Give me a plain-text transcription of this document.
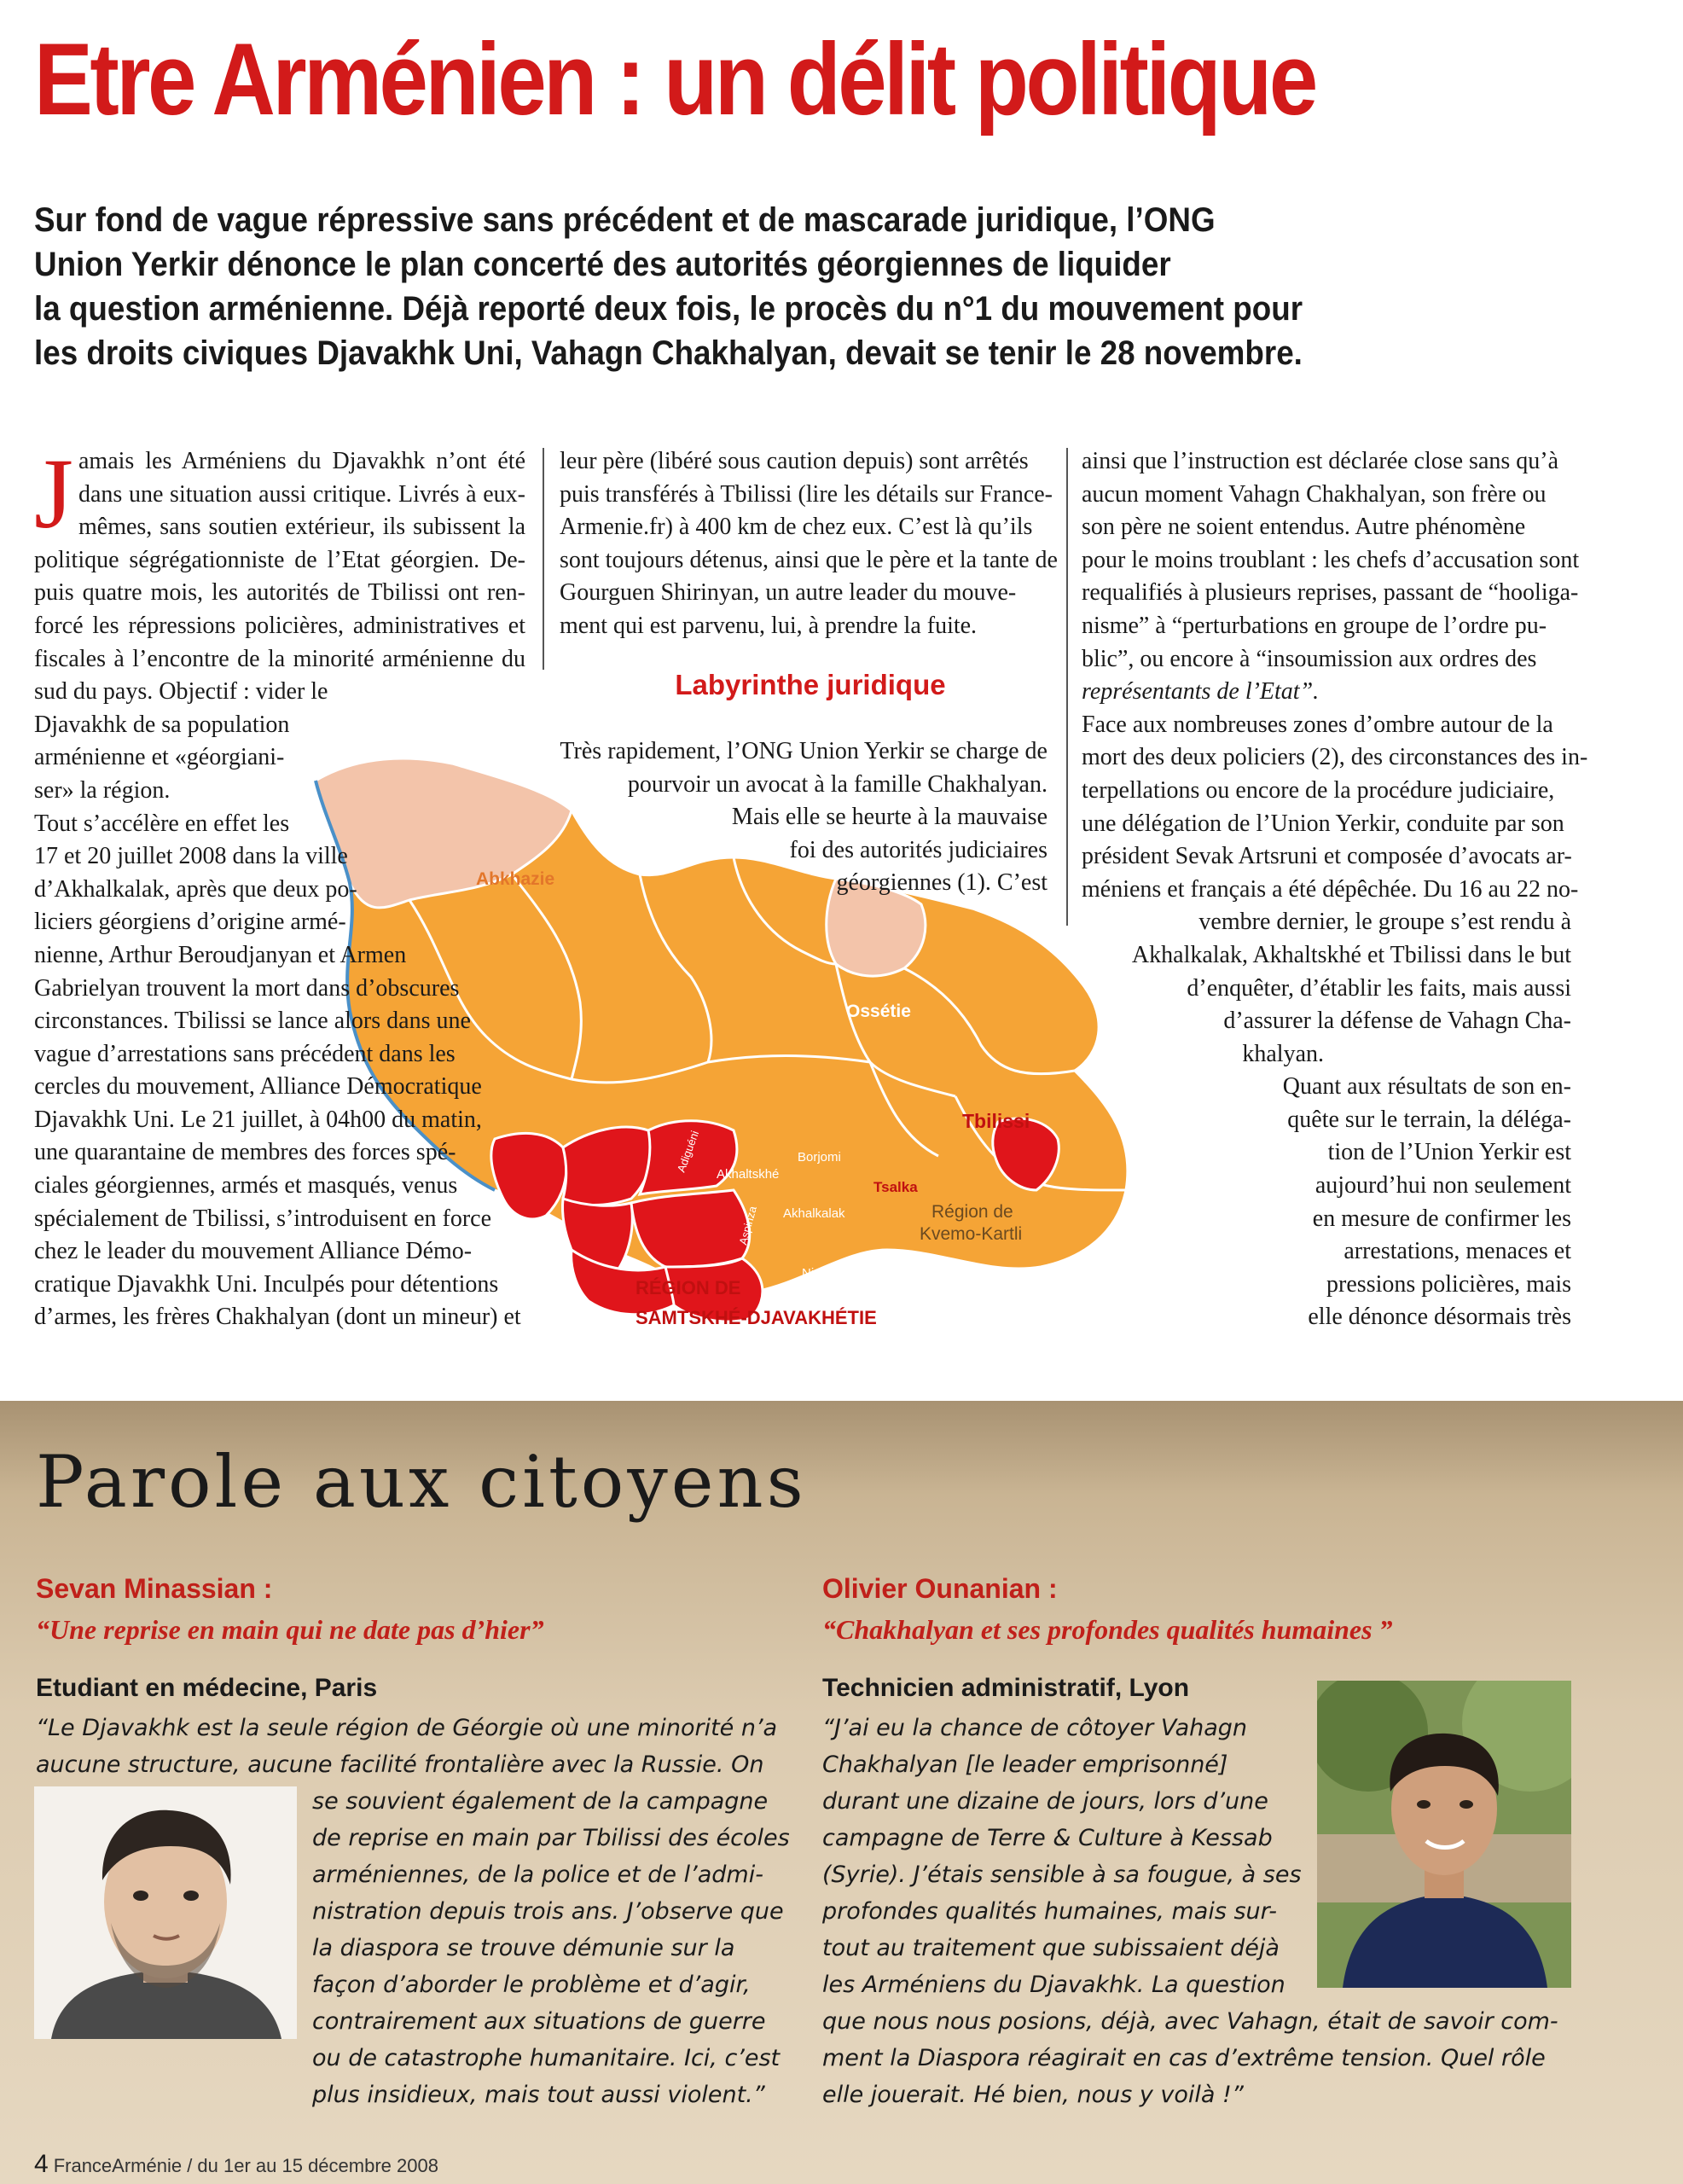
Etre Arménien : un délit politique
Sur fond de vague répressive sans précédent et de mascarade juridique, l’ONG
Union Yerkir dénonce le plan concerté des autorités géorgiennes de liquider
la question arménienne. Déjà reporté deux fois, le procès du n°1 du mouvement pour
les droits civiques Djavakhk Uni, Vahagn Chakhalyan, devait se tenir le 28 novembre.
Abkhazie
Ossétie
Tbilissi
Tsalka
Région de
Kvemo-Kartli
Borjomi
Akhaltskhé
Akhalkalak
Ninosminda
Adiguéni
Aspinza
RÉGION DE
SAMTSKHÉ-DJAVAKHÉTIE
J amais les Arméniens du Djavakhk n’ont été
dans une situation aussi critique. Livrés à eux-
mêmes, sans soutien extérieur, ils subissent la
politique ségrégationniste de l’Etat géorgien. De-
puis quatre mois, les autorités de Tbilissi ont ren-
forcé les répressions policières, administratives et
fiscales à l’encontre de la minorité arménienne du
sud du pays. Objectif : vider le
Djavakhk de sa population
arménienne et «géorgiani-
ser» la région.
Tout s’accélère en effet les
17 et 20 juillet 2008 dans la ville
d’Akhalkalak, après que deux po-
liciers géorgiens d’origine armé-
nienne, Arthur Beroudjanyan et Armen
Gabrielyan trouvent la mort dans d’obscures
circonstances. Tbilissi se lance alors dans une
vague d’arrestations sans précédent dans les
cercles du mouvement, Alliance Démocratique
Djavakhk Uni. Le 21 juillet, à 04h00 du matin,
une quarantaine de membres des forces spé-
ciales géorgiennes, armés et masqués, venus
spécialement de Tbilissi, s’introduisent en force
chez le leader du mouvement Alliance Démo-
cratique Djavakhk Uni. Inculpés pour détentions
d’armes, les frères Chakhalyan (dont un mineur) et
leur père (libéré sous caution depuis) sont arrêtés
puis transférés à Tbilissi (lire les détails sur France-
Armenie.fr) à 400 km de chez eux. C’est là qu’ils
sont toujours détenus, ainsi que le père et la tante de
Gourguen Shirinyan, un autre leader du mouve-
ment qui est parvenu, lui, à prendre la fuite.
Labyrinthe juridique
Très rapidement, l’ONG Union Yerkir se charge de
pourvoir un avocat à la famille Chakhalyan.
Mais elle se heurte à la mauvaise
foi des autorités judiciaires
géorgiennes (1). C’est
ainsi que l’instruction est déclarée close sans qu’à
aucun moment Vahagn Chakhalyan, son frère ou
son père ne soient entendus. Autre phénomène
pour le moins troublant : les chefs d’accusation sont
requalifiés à plusieurs reprises, passant de “hooliga-
nisme” à “perturbations en groupe de l’ordre pu-
blic”, ou encore à “insoumission aux ordres des
représentants de l’Etat”.
Face aux nombreuses zones d’ombre autour de la
mort des deux policiers (2), des circonstances des in-
terpellations ou encore de la procédure judiciaire,
une délégation de l’Union Yerkir, conduite par son
président Sevak Artsruni et composée d’avocats ar-
méniens et français a été dépêchée. Du 16 au 22 no-
vembre dernier, le groupe s’est rendu à
Akhalkalak, Akhaltskhé et Tbilissi dans le but
d’enquêter, d’établir les faits, mais aussi
d’assurer la défense de Vahagn Cha-
khalyan.
Quant aux résultats de son en-
quête sur le terrain, la déléga-
tion de l’Union Yerkir est
aujourd’hui non seulement
en mesure de confirmer les
arrestations, menaces et
pressions policières, mais
elle dénonce désormais très
Parole aux citoyens
Sevan Minassian :
“Une reprise en main qui ne date pas d’hier”
Etudiant en médecine, Paris
“Le Djavakhk est la seule région de Géorgie où une minorité n’a
aucune structure, aucune facilité frontalière avec la Russie. On
se souvient également de la campagne
de reprise en main par Tbilissi des écoles
arméniennes, de la police et de l’admi-
nistration depuis trois ans. J’observe que
la diaspora se trouve démunie sur la
façon d’aborder le problème et d’agir,
contrairement aux situations de guerre
ou de catastrophe humanitaire. Ici, c’est
plus insidieux, mais tout aussi violent.”
Olivier Ounanian :
“Chakhalyan et ses profondes qualités humaines ”
Technicien administratif, Lyon
“J’ai eu la chance de côtoyer Vahagn
Chakhalyan [le leader emprisonné]
durant une dizaine de jours, lors d’une
campagne de Terre & Culture à Kessab
(Syrie). J’étais sensible à sa fougue, à ses
profondes qualités humaines, mais sur-
tout au traitement que subissaient déjà
les Arméniens du Djavakhk. La question
que nous nous posions, déjà, avec Vahagn, était de savoir com-
ment la Diaspora réagirait en cas d’extrême tension. Quel rôle
elle jouerait. Hé bien, nous y voilà !”
4 FranceArménie / du 1er au 15 décembre 2008
